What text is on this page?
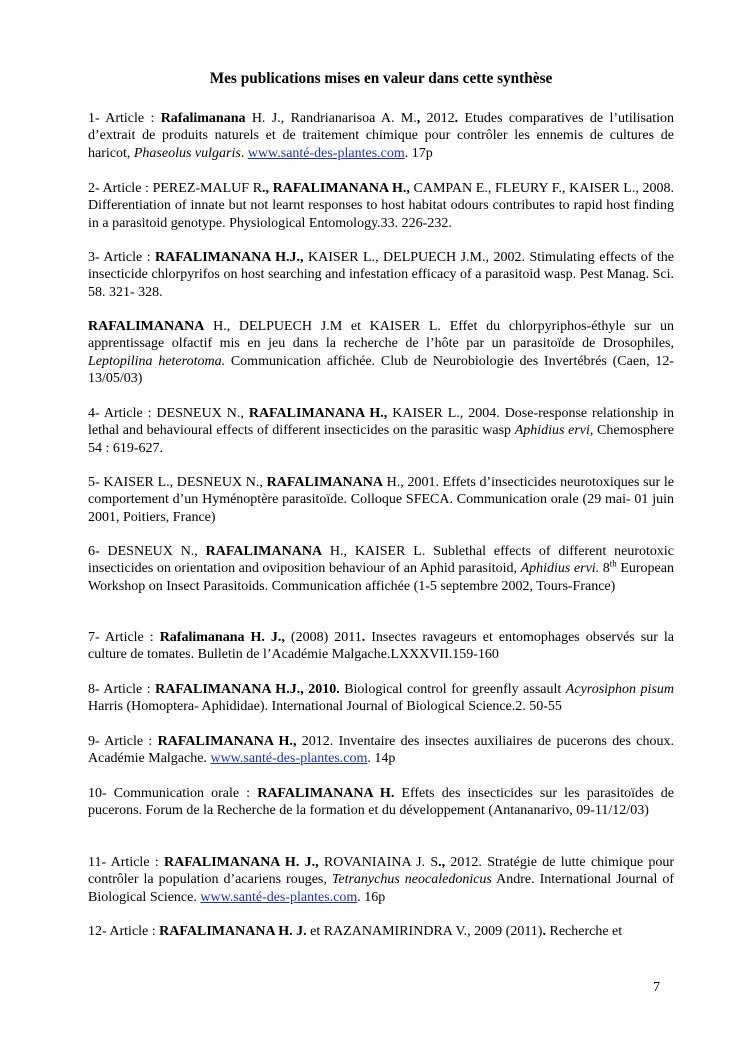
Mes publications mises en valeur dans cette synthèse
1- Article : Rafalimanana H. J., Randrianarisoa A. M., 2012. Etudes comparatives de l’utilisation d’extrait de produits naturels et de traitement chimique pour contrôler les ennemis de cultures de haricot, Phaseolus vulgaris. www.santé-des-plantes.com. 17p
2- Article : PEREZ-MALUF R., RAFALIMANANA H., CAMPAN E., FLEURY F., KAISER L., 2008. Differentiation of innate but not learnt responses to host habitat odours contributes to rapid host finding in a parasitoid genotype. Physiological Entomology.33. 226-232.
3- Article : RAFALIMANANA H.J., KAISER L., DELPUECH J.M., 2002. Stimulating effects of the insecticide chlorpyrifos on host searching and infestation efficacy of a parasitoid wasp. Pest Manag. Sci. 58. 321- 328.
RAFALIMANANA H., DELPUECH J.M et KAISER L. Effet du chlorpyriphos-éthyle sur un apprentissage olfactif mis en jeu dans la recherche de l’hôte par un parasitoïde de Drosophiles, Leptopilina heterotoma. Communication affichée. Club de Neurobiologie des Invertébrés (Caen, 12-13/05/03)
4- Article : DESNEUX N., RAFALIMANANA H., KAISER L., 2004. Dose-response relationship in lethal and behavioural effects of different insecticides on the parasitic wasp Aphidius ervi, Chemosphere 54 : 619-627.
5- KAISER L., DESNEUX N., RAFALIMANANA H., 2001. Effets d’insecticides neurotoxiques sur le comportement d’un Hyménoptère parasitoïde. Colloque SFECA. Communication orale (29 mai- 01 juin 2001, Poitiers, France)
6- DESNEUX N., RAFALIMANANA H., KAISER L. Sublethal effects of different neurotoxic insecticides on orientation and oviposition behaviour of an Aphid parasitoid, Aphidius ervi. 8th European Workshop on Insect Parasitoids. Communication affichée (1-5 septembre 2002, Tours-France)
7- Article : Rafalimanana H. J., (2008) 2011. Insectes ravageurs et entomophages observés sur la culture de tomates. Bulletin de l’Académie Malgache.LXXXVII.159-160
8- Article : RAFALIMANANA H.J., 2010. Biological control for greenfly assault Acyrosiphon pisum Harris (Homoptera- Aphididae). International Journal of Biological Science.2. 50-55
9- Article : RAFALIMANANA H., 2012. Inventaire des insectes auxiliaires de pucerons des choux. Académie Malgache. www.santé-des-plantes.com. 14p
10- Communication orale : RAFALIMANANA H. Effets des insecticides sur les parasitoïdes de pucerons. Forum de la Recherche de la formation et du développement (Antananarivo, 09-11/12/03)
11- Article : RAFALIMANANA H. J., ROVANIAINA J. S., 2012. Stratégie de lutte chimique pour contrôler la population d’acariens rouges, Tetranychus neocaledonicus Andre. International Journal of Biological Science. www.santé-des-plantes.com. 16p
12- Article : RAFALIMANANA H. J. et RAZANAMIRINDRA V., 2009 (2011). Recherche et
7
